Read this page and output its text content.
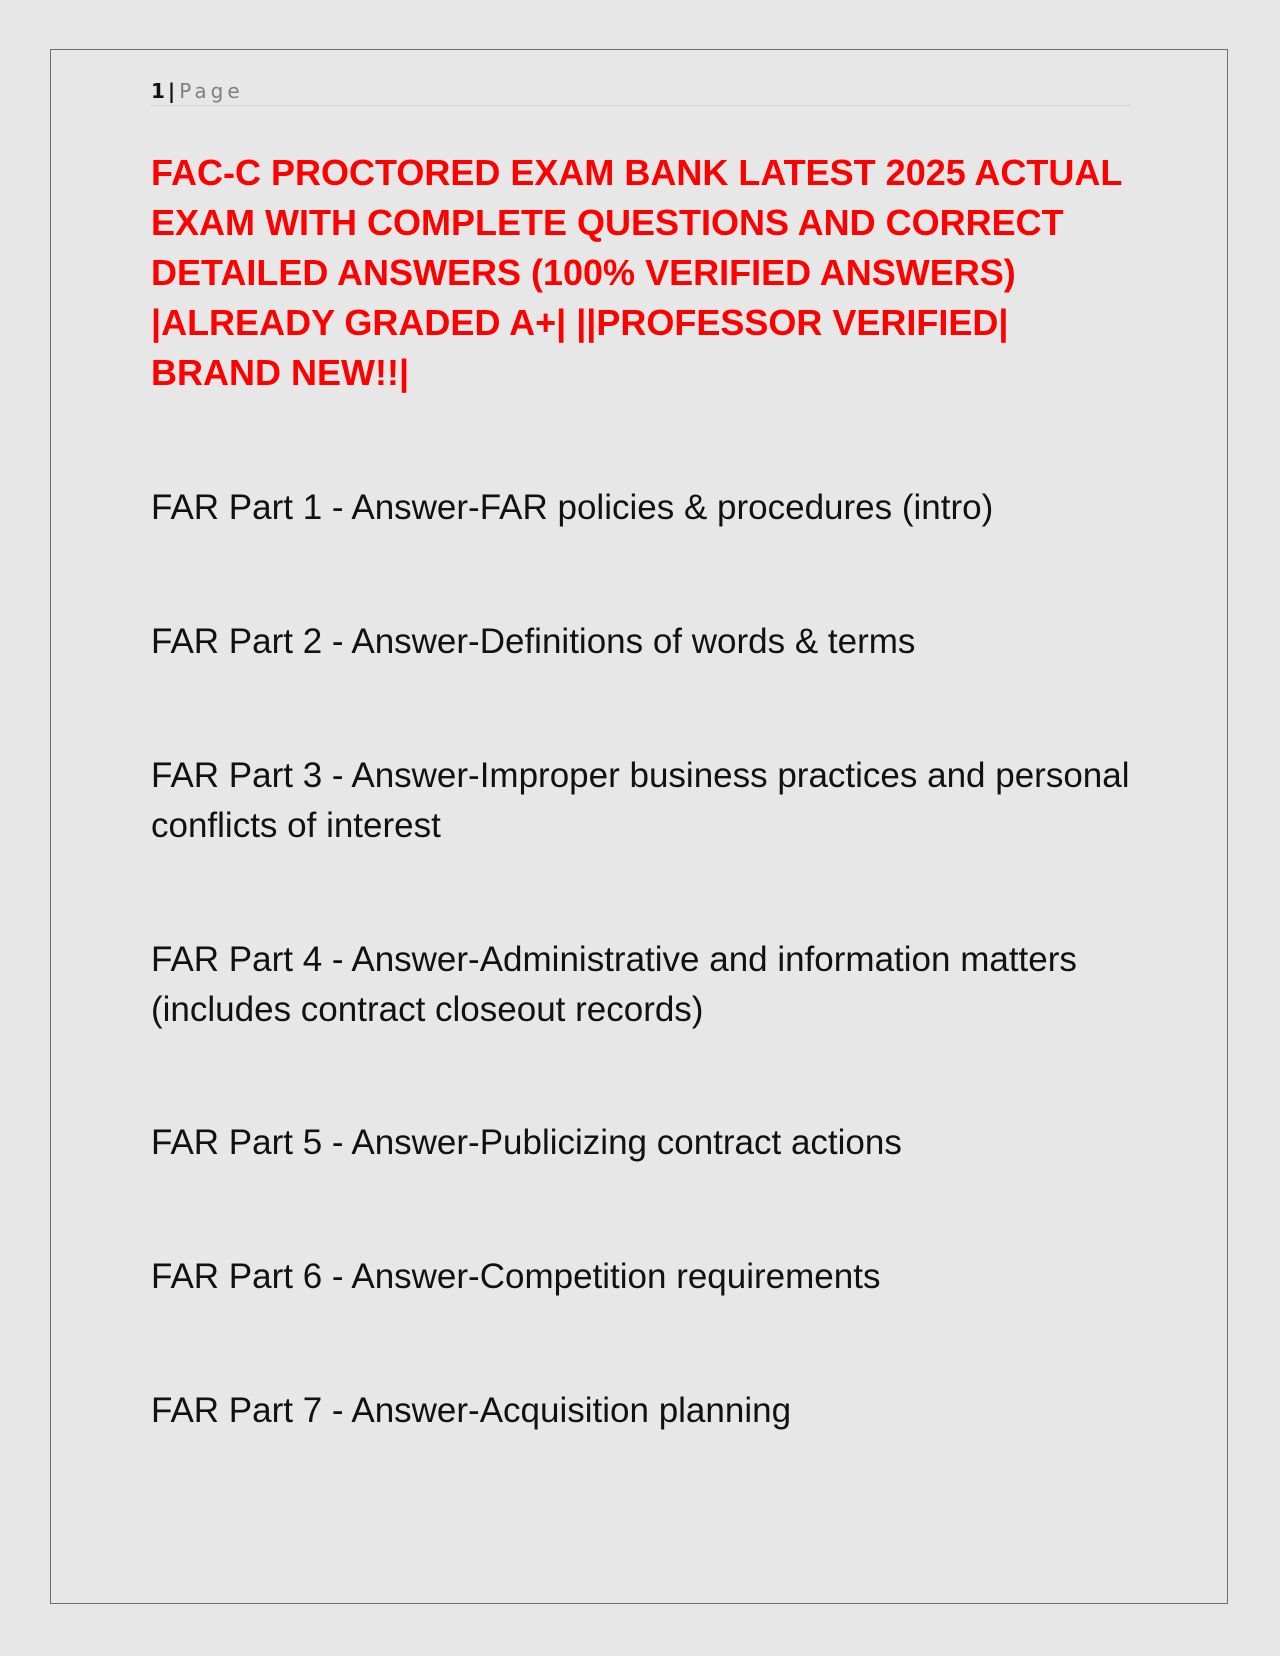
1 | Page
FAC-C PROCTORED EXAM BANK LATEST 2025 ACTUAL EXAM WITH COMPLETE QUESTIONS AND CORRECT DETAILED ANSWERS (100% VERIFIED ANSWERS) |ALREADY GRADED A+| ||PROFESSOR VERIFIED| BRAND NEW!!|

FAR Part 1 - Answer-FAR policies & procedures (intro)

FAR Part 2 - Answer-Definitions of words & terms

FAR Part 3 - Answer-Improper business practices and personal conflicts of interest

FAR Part 4 - Answer-Administrative and information matters (includes contract closeout records)

FAR Part 5 - Answer-Publicizing contract actions

FAR Part 6 - Answer-Competition requirements

FAR Part 7 - Answer-Acquisition planning
